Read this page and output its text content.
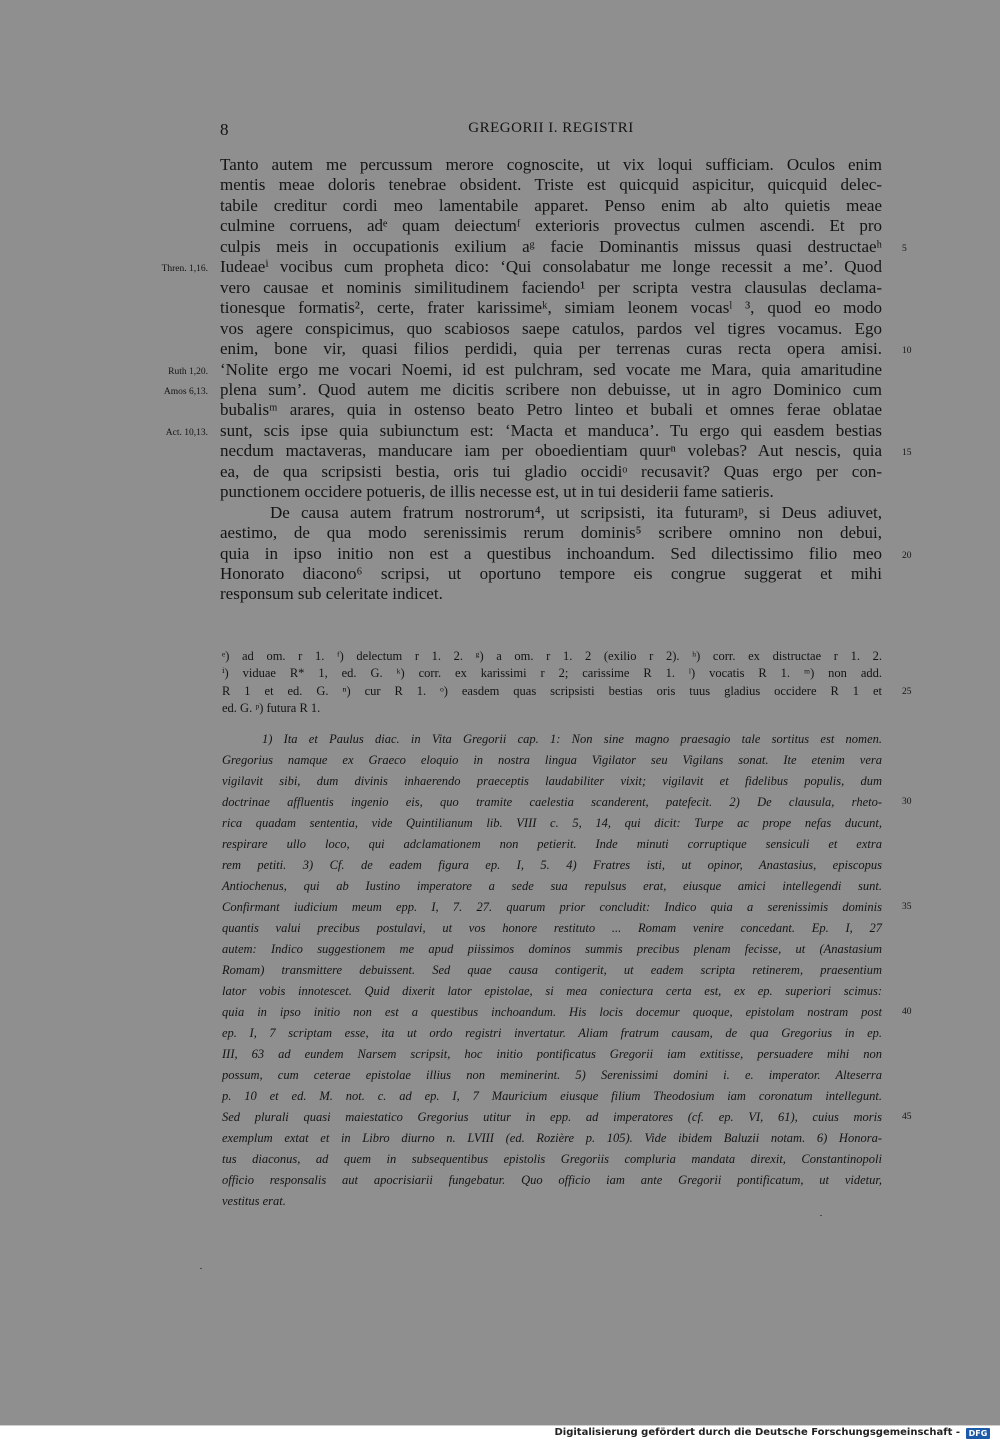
8	GREGORII I. REGISTRI
Tanto autem me percussum merore cognoscite, ut vix loqui sufficiam. Oculos enim
mentis meae doloris tenebrae obsident. Triste est quicquid aspicitur, quicquid delec-
tabile creditur cordi meo lamentabile apparet. Penso enim ab alto quietis meae
culmine corruens, adᵉ quam deiectumᶠ exterioris provectus culmen ascendi. Et pro
culpis meis in occupationis exilium aᵍ facie Dominantis missus quasi destructaeʰ
Iudeaeⁱ vocibus cum propheta dico: ‘Qui consolabatur me longe recessit a me’. Quod
vero causae et nominis similitudinem faciendo¹ per scripta vestra clausulas declama-
tionesque formatis², certe, frater karissimeᵏ, simiam leonem vocasˡ ³, quod eo modo
vos agere conspicimus, quo scabiosos saepe catulos, pardos vel tigres vocamus. Ego
enim, bone vir, quasi filios perdidi, quia per terrenas curas recta opera amisi.
‘Nolite ergo me vocari Noemi, id est pulchram, sed vocate me Mara, quia amaritudine
plena sum’. Quod autem me dicitis scribere non debuisse, ut in agro Dominico cum
bubalisᵐ arares, quia in ostenso beato Petro linteo et bubali et omnes ferae oblatae
sunt, scis ipse quia subiunctum est: ‘Macta et manduca’. Tu ergo qui easdem bestias
necdum mactaveras, manducare iam per oboedientiam quurⁿ volebas? Aut nescis, quia
ea, de qua scripsisti bestia, oris tui gladio occidiᵒ recusavit? Quas ergo per con-
punctionem occidere potueris, de illis necesse est, ut in tui desiderii fame satieris.
De causa autem fratrum nostrorum⁴, ut scripsisti, ita futuramᵖ, si Deus adiuvet,
aestimo, de qua modo serenissimis rerum dominis⁵ scribere omnino non debui,
quia in ipso initio non est a questibus inchoandum. Sed dilectissimo filio meo
Honorato diacono⁶ scripsi, ut oportuno tempore eis congrue suggerat et mihi
responsum sub celeritate indicet.
Thren. 1,16.
Ruth 1,20.
Amos 6,13.
Act. 10,13.
5
10
15
20
ᵉ) ad om. r 1. ᶠ) delectum r 1. 2. ᵍ) a om. r 1. 2 (exilio r 2). ʰ) corr. ex distructae r 1. 2.
ⁱ) viduae R* 1, ed. G. ᵏ) corr. ex karissimi r 2; carissime R 1. ˡ) vocatis R 1. ᵐ) non add.
R 1 et ed. G. ⁿ) cur R 1. ᵒ) easdem quas scripsisti bestias oris tuus gladius occidere R 1 et
ed. G. ᵖ) futura R 1.
25
1) Ita et Paulus diac. in Vita Gregorii cap. 1: Non sine magno praesagio tale sortitus est nomen.
Gregorius namque ex Graeco eloquio in nostra lingua Vigilator seu Vigilans sonat. Ite etenim vera
vigilavit sibi, dum divinis inhaerendo praeceptis laudabiliter vixit; vigilavit et fidelibus populis, dum
doctrinae affluentis ingenio eis, quo tramite caelestia scanderent, patefecit. 2) De clausula, rheto-
rica quadam sententia, vide Quintilianum lib. VIII c. 5, 14, qui dicit: Turpe ac prope nefas ducunt,
respirare ullo loco, qui adclamationem non petierit. Inde minuti corruptique sensiculi et extra
rem petiti. 3) Cf. de eadem figura ep. I, 5. 4) Fratres isti, ut opinor, Anastasius, episcopus
Antiochenus, qui ab Iustino imperatore a sede sua repulsus erat, eiusque amici intellegendi sunt.
Confirmant iudicium meum epp. I, 7. 27. quarum prior concludit: Indico quia a serenissimis dominis
quantis valui precibus postulavi, ut vos honore restituto ... Romam venire concedant. Ep. I, 27
autem: Indico suggestionem me apud piissimos dominos summis precibus plenam fecisse, ut (Anastasium
Romam) transmittere debuissent. Sed quae causa contigerit, ut eadem scripta retinerem, praesentium
lator vobis innotescet. Quid dixerit lator epistolae, si mea coniectura certa est, ex ep. superiori scimus:
quia in ipso initio non est a questibus inchoandum. His locis docemur quoque, epistolam nostram post
ep. I, 7 scriptam esse, ita ut ordo registri invertatur. Aliam fratrum causam, de qua Gregorius in ep.
III, 63 ad eundem Narsem scripsit, hoc initio pontificatus Gregorii iam extitisse, persuadere mihi non
possum, cum ceterae epistolae illius non meminerint. 5) Serenissimi domini i. e. imperator. Alteserra
p. 10 et ed. M. not. c. ad ep. I, 7 Mauricium eiusque filium Theodosium iam coronatum intellegunt.
Sed plurali quasi maiestatico Gregorius utitur in epp. ad imperatores (cf. ep. VI, 61), cuius moris
exemplum extat et in Libro diurno n. LVIII (ed. Rozière p. 105). Vide ibidem Baluzii notam. 6) Honora-
tus diaconus, ad quem in subsequentibus epistolis Gregoriis compluria mandata direxit, Constantinopoli
officio responsalis aut apocrisiarii fungebatur. Quo officio iam ante Gregorii pontificatum, ut videtur,
vestitus erat.
30
35
40
45
Digitalisierung gefördert durch die Deutsche Forschungsgemeinschaft -	DFG
